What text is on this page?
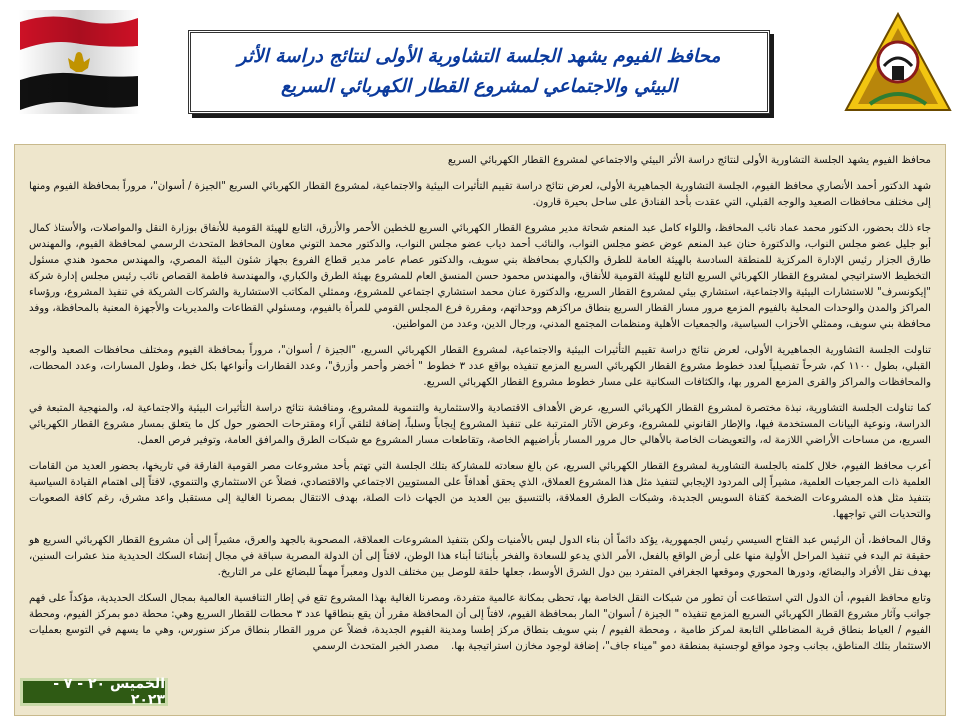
محافظ الفيوم يشهد الجلسة التشاورية الأولى لنتائج دراسة الأثر
البيئي والاجتماعي لمشروع القطار الكهربائي السريع

محافظ الفيوم يشهد الجلسة التشاورية الأولى لنتائج دراسة الأثر البيئي والاجتماعي لمشروع القطار الكهربائي السريع

شهد الدكتور أحمد الأنصاري محافظ الفيوم، الجلسة التشاورية الجماهيرية الأولى، لعرض نتائج دراسة تقييم التأثيرات البيئية والاجتماعية، لمشروع القطار الكهربائي السريع "الجيزة / أسوان"، مروراً بمحافظة الفيوم ومنها إلى مختلف محافظات الصعيد والوجه القبلي، التي عقدت بأحد الفنادق على ساحل بحيرة قارون.

جاء ذلك بحضور، الدكتور محمد عماد نائب المحافظ، واللواء كامل عبد المنعم شحاتة مدير مشروع القطار الكهربائي السريع للخطين الأحمر والأزرق، التابع للهيئة القومية للأنفاق بوزارة النقل والمواصلات، والأستاذ كمال أبو جليل عضو مجلس النواب، والدكتورة حنان عبد المنعم عوض عضو مجلس النواب، والنائب أحمد دياب عضو مجلس النواب، والدكتور محمد التوني معاون المحافظ المتحدث الرسمي لمحافظة الفيوم، والمهندس طارق الجزار رئيس الإدارة المركزية للمنطقة السادسة بالهيئة العامة للطرق والكباري بمحافظة بني سويف، والدكتور عصام عامر مدير قطاع الفروع بجهاز شئون البيئة المصري، والمهندس محمود هندي مسئول التخطيط الاستراتيجي لمشروع القطار الكهربائي السريع التابع للهيئة القومية للأنفاق، والمهندس محمود حسن المنسق العام للمشروع بهيئة الطرق والكباري، والمهندسة فاطمة القصاص نائب رئيس مجلس إدارة شركة "إيكونسرف" للاستشارات البيئية والاجتماعية، استشاري بيئي لمشروع القطار السريع، والدكتورة عنان محمد استشاري اجتماعي للمشروع، وممثلي المكاتب الاستشارية والشركات الشريكة في تنفيذ المشروع، ورؤساء المراكز والمدن والوحدات المحلية بالفيوم المزمع مرور مسار القطار السريع بنطاق مراكزهم ووحداتهم، ومقررة فرع المجلس القومي للمرأة بالفيوم، ومسئولي القطاعات والمديريات والأجهزة المعنية بالمحافظة، ووفد محافظة بني سويف، وممثلي الأحزاب السياسية، والجمعيات الأهلية ومنظمات المجتمع المدني، ورجال الدين، وعدد من المواطنين.

تناولت الجلسة التشاورية الجماهيرية الأولى، لعرض نتائج دراسة تقييم التأثيرات البيئية والاجتماعية، لمشروع القطار الكهربائي السريع، "الجيزة / أسوان"، مروراً بمحافظة الفيوم ومختلف محافظات الصعيد والوجه القبلي، بطول ١١٠٠ كم، شرحاً تفصيلياً لعدد خطوط مشروع القطار الكهربائي السريع المزمع تنفيذه بواقع عدد ٣ خطوط " أخضر وأحمر وأزرق"، وعدد القطارات وأنواعها بكل خط، وطول المسارات، وعدد المحطات، والمحافظات والمراكز والقرى المزمع المرور بها، والكثافات السكانية على مسار خطوط مشروع القطار الكهربائي السريع.

كما تناولت الجلسة التشاورية، نبذة مختصرة لمشروع القطار الكهربائي السريع، عرض الأهداف الاقتصادية والاستثمارية والتنموية للمشروع، ومناقشة نتائج دراسة التأثيرات البيئية والاجتماعية له، والمنهجية المتبعة في الدراسة، ونوعية البيانات المستخدمة فيها، والإطار القانوني للمشروع، وعرض الآثار المترتبة على تنفيذ المشروع إيجاباً وسلباً، إضافة لتلقي آراء ومقترحات الحضور حول كل ما يتعلق بمسار مشروع القطار الكهربائي السريع، من مساحات الأراضي اللازمة له، والتعويضات الخاصة بالأهالي حال مرور المسار بأراضيهم الخاصة، وتقاطعات مسار المشروع مع شبكات الطرق والمرافق العامة، وتوفير فرص العمل.

أعرب محافظ الفيوم، خلال كلمته بالجلسة التشاورية لمشروع القطار الكهربائي السريع، عن بالغ سعادته للمشاركة بتلك الجلسة التي تهتم بأحد مشروعات مصر القومية الفارقة في تاريخها، بحضور العديد من القامات العلمية ذات المرجعيات العلمية، مشيراً إلى المردود الإيجابي لتنفيذ مثل هذا المشروع العملاق، الذي يحقق أهدافاً على المستويين الاجتماعي والاقتصادي، فضلاً عن الاستثماري والتنموي، لافتاً إلى اهتمام القيادة السياسية بتنفيذ مثل هذه المشروعات الضخمة كقناة السويس الجديدة، وشبكات الطرق العملاقة، بالتنسيق بين العديد من الجهات ذات الصلة، بهدف الانتقال بمصرنا الغالية إلى مستقبل واعد مشرق، رغم كافة الصعوبات والتحديات التي تواجهها.

وقال المحافظ، أن الرئيس عبد الفتاح السيسي رئيس الجمهورية، يؤكد دائماً أن بناء الدول ليس بالأمنيات ولكن بتنفيذ المشروعات العملاقة، المصحوبة بالجهد والعرق، مشيراً إلى أن مشروع القطار الكهربائي السريع هو حقيقة تم البدء في تنفيذ المراحل الأولية منها على أرض الواقع بالفعل، الأمر الذي يدعو للسعادة والفخر بأبنائنا أبناء هذا الوطن، لافتاً إلى أن الدولة المصرية سباقة في مجال إنشاء السكك الحديدية منذ عشرات السنين، بهدف نقل الأفراد والبضائع، ودورها المحوري وموقعها الجغرافي المتفرد بين دول الشرق الأوسط، جعلها حلقة للوصل بين مختلف الدول ومعبراً مهماً للبضائع على مر التاريخ.

وتابع محافظ الفيوم، أن الدول التي استطاعت أن تطور من شبكات النقل الخاصة بها، تحظى بمكانة عالمية متفردة، ومصرنا الغالية بهذا المشروع تقع في إطار التنافسية العالمية بمجال السكك الحديدية، مؤكداً على فهم جوانب وآثار مشروع القطار الكهربائي السريع المزمع تنفيذه " الجيزة / أسوان" المار بمحافظة الفيوم، لافتاً إلى أن المحافظة مقرر أن يقع بنطاقها عدد ٣ محطات للقطار السريع وهي: محطة دمو بمركز الفيوم، ومحطة الفيوم / العياط بنطاق قرية المضاطلي التابعة لمركز طامية ، ومحطة الفيوم / بني سويف بنطاق مركز إطسا ومدينة الفيوم الجديدة، فضلاً عن مرور القطار بنطاق مركز سنورس، وهي ما يسهم في التوسع بعمليات الاستثمار بتلك المناطق، بجانب وجود مواقع لوجستية بمنطقة دمو "ميناء جاف"، إضافة لوجود مخازن استراتيجية بها.مصدر الخبر المتحدث الرسمي

الخميس ٢٠ - ٧ - ٢٠٢٣
